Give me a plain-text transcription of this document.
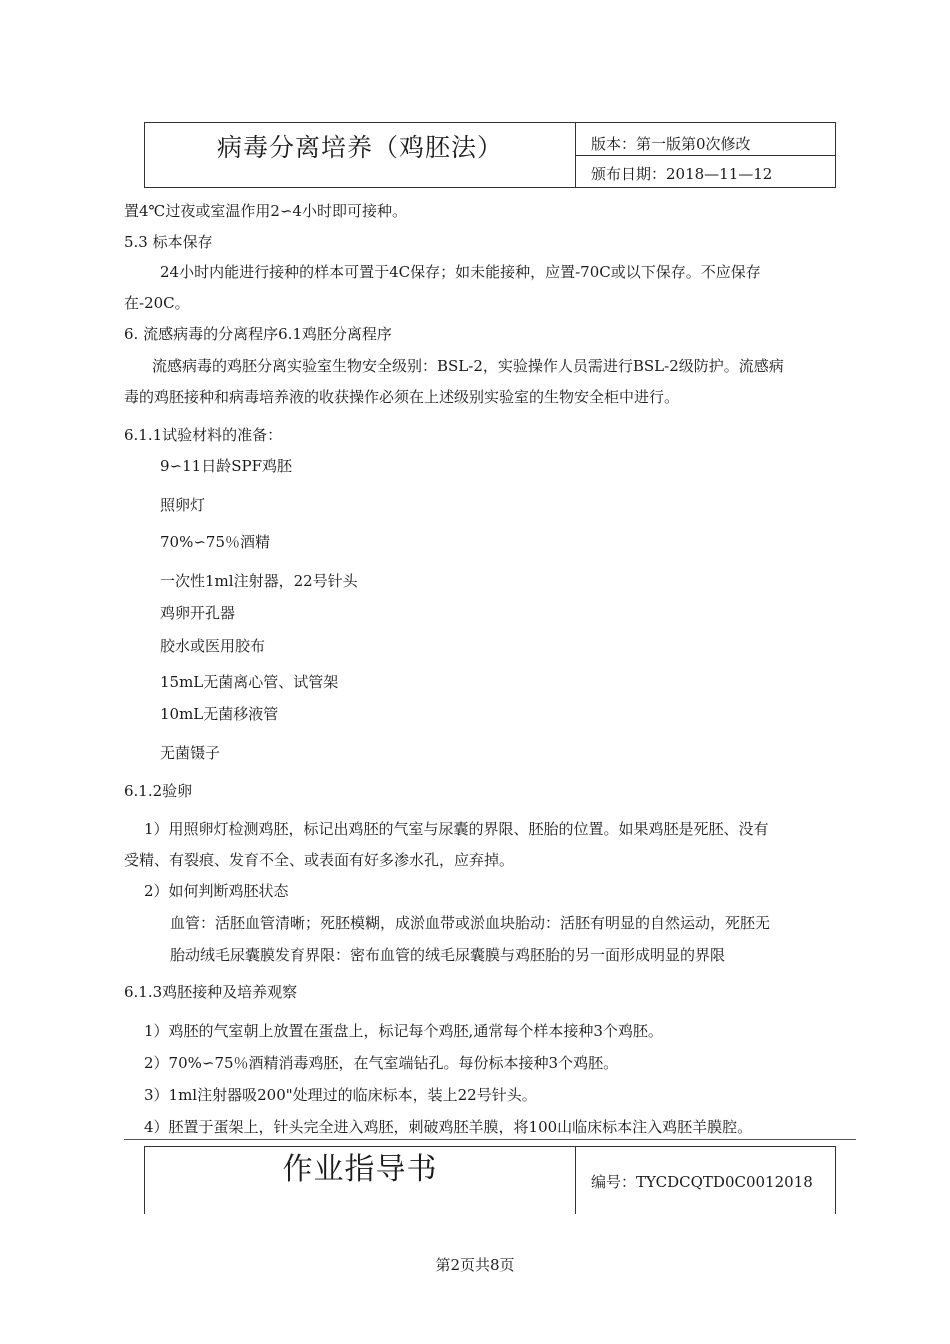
病毒分离培养（鸡胚法）	版本：第一版第0次修改
颁布日期：2018—11—12
置4℃过夜或室温作用2∽4小时即可接种。
5.3 标本保存
24小时内能进行接种的样本可置于4C保存；如未能接种，应置-70C或以下保存。不应保存
在-20C。
6. 流感病毒的分离程序6.1鸡胚分离程序
流感病毒的鸡胚分离实验室生物安全级别：BSL-2，实验操作人员需进行BSL-2级防护。流感病
毒的鸡胚接种和病毒培养液的收获操作必须在上述级别实验室的生物安全柜中进行。
6.1.1试验材料的准备：
9∽11日龄SPF鸡胚
照卵灯
70%∽75％酒精
一次性1ml注射器，22号针头
鸡卵开孔器
胶水或医用胶布
15mL无菌离心管、试管架
10mL无菌移液管
无菌镊子
6.1.2验卵
1）用照卵灯检测鸡胚，标记出鸡胚的气室与尿囊的界限、胚胎的位置。如果鸡胚是死胚、没有
受精、有裂痕、发育不全、或表面有好多渗水孔，应弃掉。
2）如何判断鸡胚状态
血管：活胚血管清晰；死胚模糊，成淤血带或淤血块胎动：活胚有明显的自然运动，死胚无
胎动绒毛尿囊膜发育界限：密布血管的绒毛尿囊膜与鸡胚胎的另一面形成明显的界限
6.1.3鸡胚接种及培养观察
1）鸡胚的气室朝上放置在蛋盘上，标记每个鸡胚,通常每个样本接种3个鸡胚。
2）70%∽75％酒精消毒鸡胚，在气室端钻孔。每份标本接种3个鸡胚。
3）1ml注射器吸200"处理过的临床标本，装上22号针头。
4）胚置于蛋架上，针头完全进入鸡胚，刺破鸡胚羊膜，将100山临床标本注入鸡胚羊膜腔。
作业指导书	编号：TYCDCQTD0C0012018
第2页共8页
